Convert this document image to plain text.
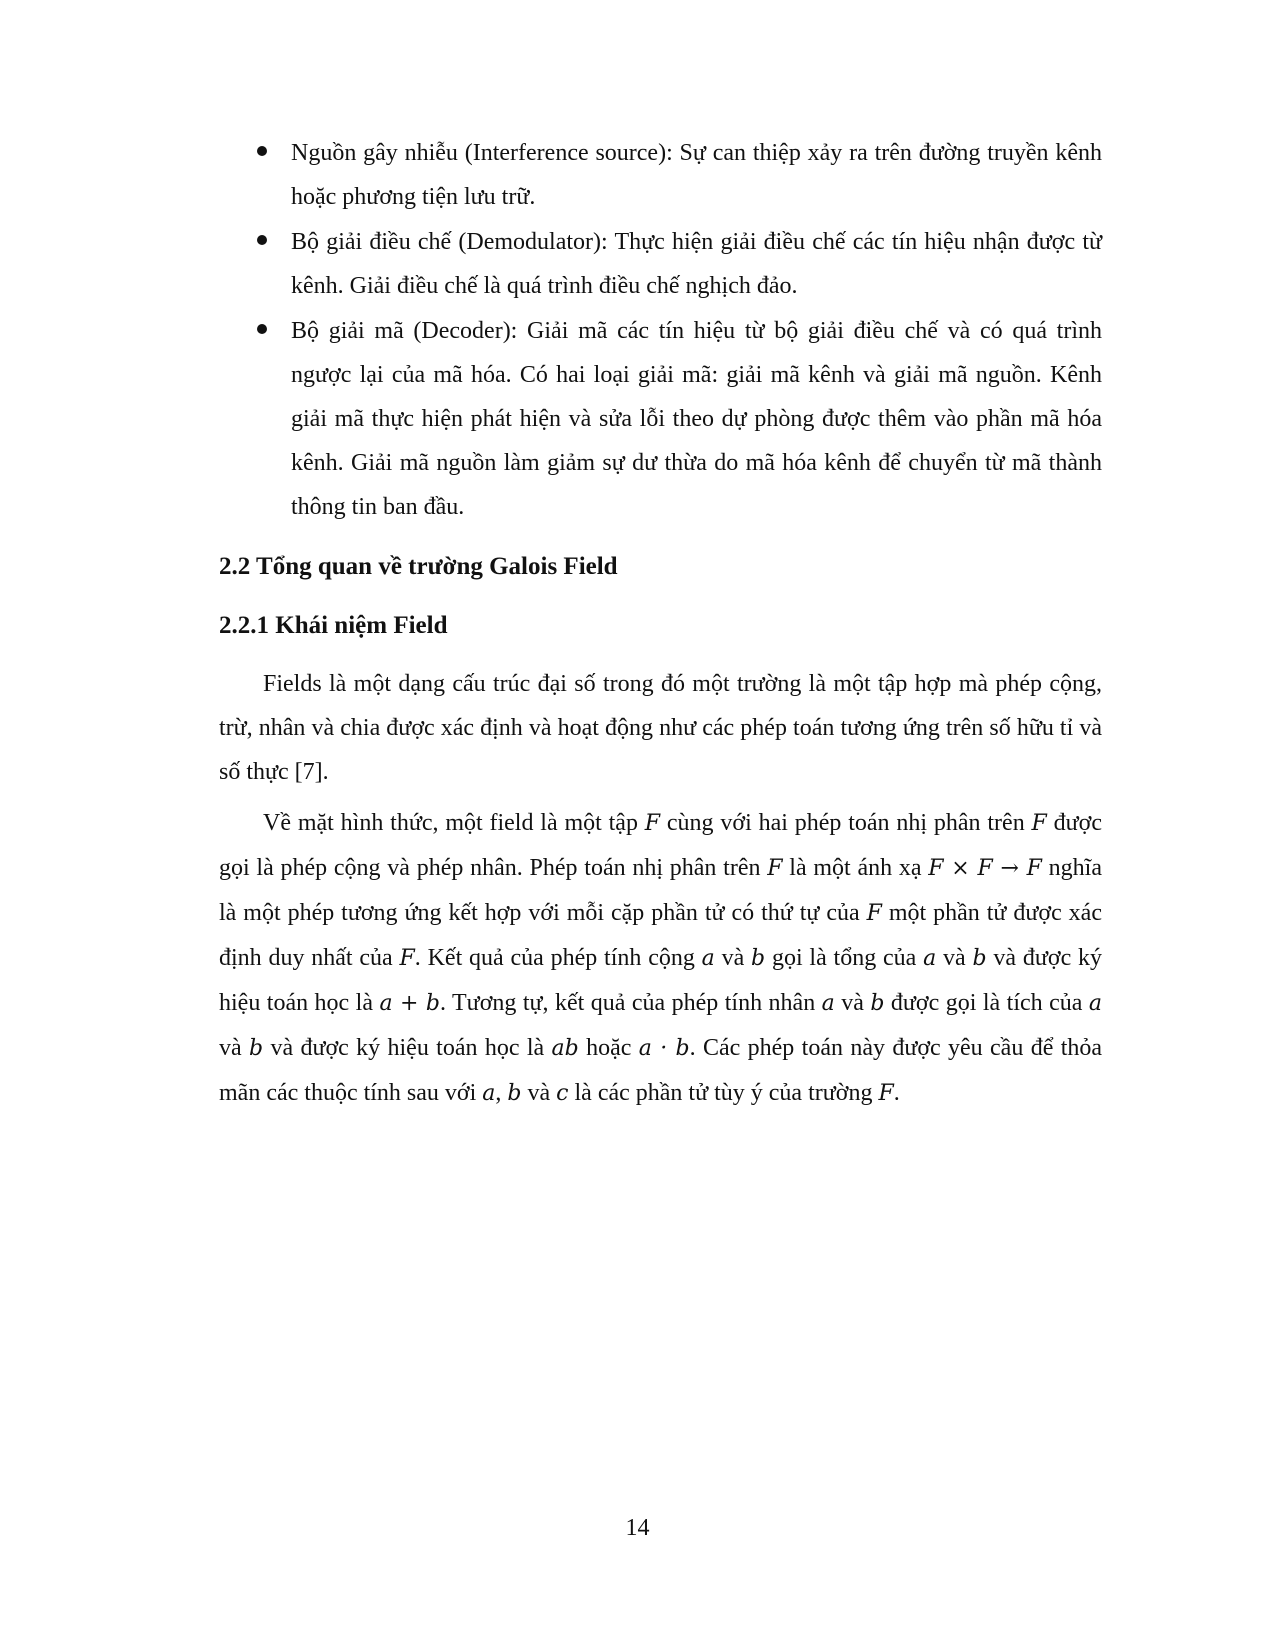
Nguồn gây nhiễu (Interference source): Sự can thiệp xảy ra trên đường truyền kênh hoặc phương tiện lưu trữ.
Bộ giải điều chế (Demodulator): Thực hiện giải điều chế các tín hiệu nhận được từ kênh. Giải điều chế là quá trình điều chế nghịch đảo.
Bộ giải mã (Decoder): Giải mã các tín hiệu từ bộ giải điều chế và có quá trình ngược lại của mã hóa. Có hai loại giải mã: giải mã kênh và giải mã nguồn. Kênh giải mã thực hiện phát hiện và sửa lỗi theo dự phòng được thêm vào phần mã hóa kênh. Giải mã nguồn làm giảm sự dư thừa do mã hóa kênh để chuyển từ mã thành thông tin ban đầu.
2.2 Tổng quan về trường Galois Field
2.2.1 Khái niệm Field

Fields là một dạng cấu trúc đại số trong đó một trường là một tập hợp mà phép cộng, trừ, nhân và chia được xác định và hoạt động như các phép toán tương ứng trên số hữu tỉ và số thực [7].

Về mặt hình thức, một field là một tập F cùng với hai phép toán nhị phân trên F được gọi là phép cộng và phép nhân. Phép toán nhị phân trên F là một ánh xạ F × F → F nghĩa là một phép tương ứng kết hợp với mỗi cặp phần tử có thứ tự của F một phần tử được xác định duy nhất của F. Kết quả của phép tính cộng a và b gọi là tổng của a và b và được ký hiệu toán học là a + b. Tương tự, kết quả của phép tính nhân a và b được gọi là tích của a và b và được ký hiệu toán học là ab hoặc a · b. Các phép toán này được yêu cầu để thỏa mãn các thuộc tính sau với a, b và c là các phần tử tùy ý của trường F.

14
